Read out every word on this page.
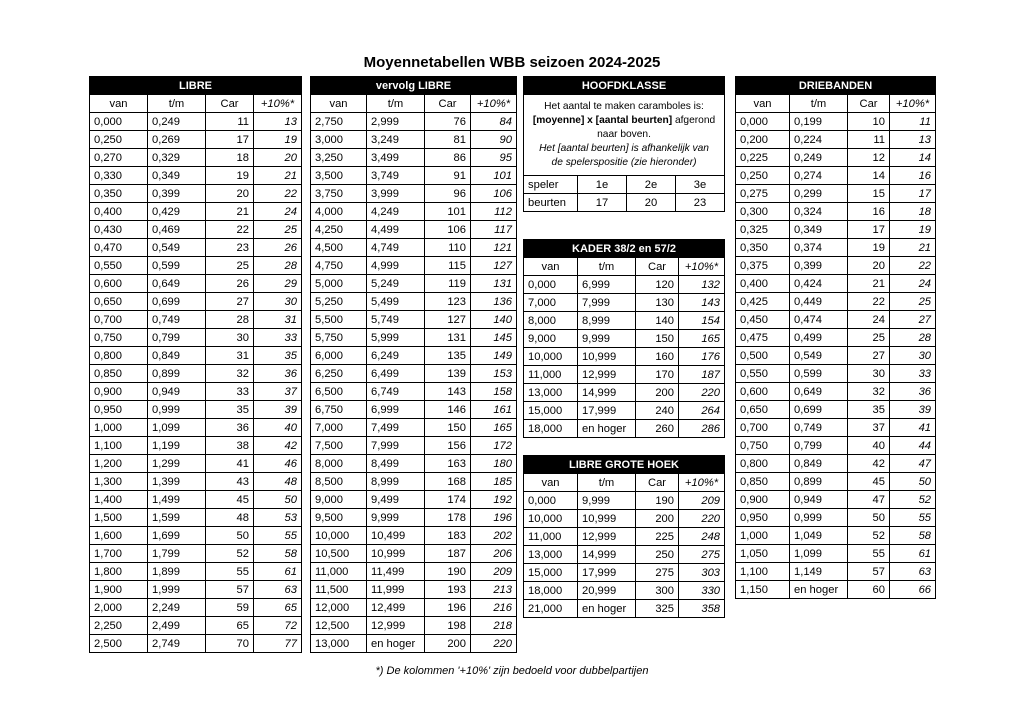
Moyennetabellen WBB seizoen 2024-2025
LIBRE			
van	t/m	Car	+10%*
0,000	0,249	11	13
0,250	0,269	17	19
0,270	0,329	18	20
0,330	0,349	19	21
0,350	0,399	20	22
0,400	0,429	21	24
0,430	0,469	22	25
0,470	0,549	23	26
0,550	0,599	25	28
0,600	0,649	26	29
0,650	0,699	27	30
0,700	0,749	28	31
0,750	0,799	30	33
0,800	0,849	31	35
0,850	0,899	32	36
0,900	0,949	33	37
0,950	0,999	35	39
1,000	1,099	36	40
1,100	1,199	38	42
1,200	1,299	41	46
1,300	1,399	43	48
1,400	1,499	45	50
1,500	1,599	48	53
1,600	1,699	50	55
1,700	1,799	52	58
1,800	1,899	55	61
1,900	1,999	57	63
2,000	2,249	59	65
2,250	2,499	65	72
2,500	2,749	70	77
vervolg LIBRE			
van	t/m	Car	+10%*
2,750	2,999	76	84
3,000	3,249	81	90
3,250	3,499	86	95
3,500	3,749	91	101
3,750	3,999	96	106
4,000	4,249	101	112
4,250	4,499	106	117
4,500	4,749	110	121
4,750	4,999	115	127
5,000	5,249	119	131
5,250	5,499	123	136
5,500	5,749	127	140
5,750	5,999	131	145
6,000	6,249	135	149
6,250	6,499	139	153
6,500	6,749	143	158
6,750	6,999	146	161
7,000	7,499	150	165
7,500	7,999	156	172
8,000	8,499	163	180
8,500	8,999	168	185
9,000	9,499	174	192
9,500	9,999	178	196
10,000	10,499	183	202
10,500	10,999	187	206
11,000	11,499	190	209
11,500	11,999	193	213
12,000	12,499	196	216
12,500	12,999	198	218
13,000	en hoger	200	220
HOOFDKLASSE			
Het aantal te maken caramboles is:
[moyenne] x [aantal beurten] afgerond naar boven.
Het [aantal beurten] is afhankelijk van de spelerspositie (zie hieronder)			
speler	1e	2e	3e
beurten	17	20	23
KADER 38/2 en 57/2			
van	t/m	Car	+10%*
0,000	6,999	120	132
7,000	7,999	130	143
8,000	8,999	140	154
9,000	9,999	150	165
10,000	10,999	160	176
11,000	12,999	170	187
13,000	14,999	200	220
15,000	17,999	240	264
18,000	en hoger	260	286
LIBRE GROTE HOEK			
van	t/m	Car	+10%*
0,000	9,999	190	209
10,000	10,999	200	220
11,000	12,999	225	248
13,000	14,999	250	275
15,000	17,999	275	303
18,000	20,999	300	330
21,000	en hoger	325	358
DRIEBANDEN			
van	t/m	Car	+10%*
0,000	0,199	10	11
0,200	0,224	11	13
0,225	0,249	12	14
0,250	0,274	14	16
0,275	0,299	15	17
0,300	0,324	16	18
0,325	0,349	17	19
0,350	0,374	19	21
0,375	0,399	20	22
0,400	0,424	21	24
0,425	0,449	22	25
0,450	0,474	24	27
0,475	0,499	25	28
0,500	0,549	27	30
0,550	0,599	30	33
0,600	0,649	32	36
0,650	0,699	35	39
0,700	0,749	37	41
0,750	0,799	40	44
0,800	0,849	42	47
0,850	0,899	45	50
0,900	0,949	47	52
0,950	0,999	50	55
1,000	1,049	52	58
1,050	1,099	55	61
1,100	1,149	57	63
1,150	en hoger	60	66
*) De kolommen '+10%' zijn bedoeld voor dubbelpartijen
